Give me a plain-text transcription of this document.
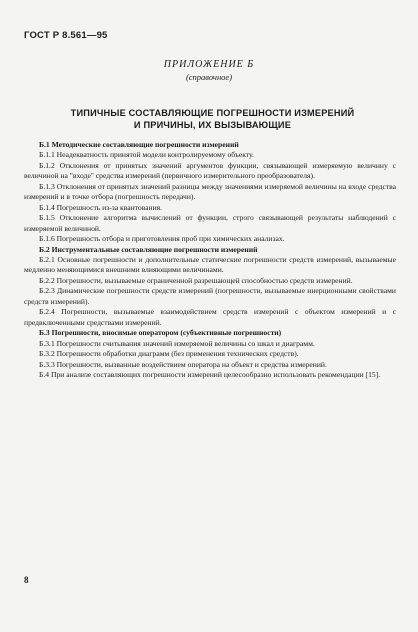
ГОСТ Р 8.561—95
ПРИЛОЖЕНИЕ Б
(справочное)
ТИПИЧНЫЕ СОСТАВЛЯЮЩИЕ ПОГРЕШНОСТИ ИЗМЕРЕНИЙ
И ПРИЧИНЫ, ИХ ВЫЗЫВАЮЩИЕ

Б.1 Методические составляющие погрешности измерений

Б.1.1 Неадекватность принятой модели контролируемому объекту.

Б.1.2 Отклонения от принятых значений аргументов функции, связывающей измеряемую величину с величиной на "входе" средства измерений (первичного измерительного преобразователя).

Б.1.3 Отклонения от принятых значений разницы между значениями измеряемой величины на входе средства измерений и в точке отбора (погрешность передачи).

Б.1.4 Погрешность из-за квантования.

Б.1.5 Отклонение алгоритма вычислений от функции, строго связывающей результаты наблюдений с измеряемой величиной.

Б.1.6 Погрешность отбора и приготовления проб при химических анализах.

Б.2 Инструментальные составляющие погрешности измерений

Б.2.1 Основные погрешности и дополнительные статические погрешности средств измерений, вызываемые медленно меняющимися внешними влияющими величинами.

Б.2.2 Погрешности, вызываемые ограниченной разрешающей способностью средств измерений.

Б.2.3 Динамические погрешности средств измерений (погрешности, вызываемые инерционными свойствами средств измерений).

Б.2.4 Погрешности, вызываемые взаимодействием средств измерений с объектом измерений и с предвключенными средствами измерений.

Б.3 Погрешности, вносимые оператором (субъективные погрешности)

Б.3.1 Погрешности считывания значений измеряемой величины со шкал и диаграмм.

Б.3.2 Погрешности обработки диаграмм (без применения технических средств).

Б.3.3 Погрешности, вызванные воздействием оператора на объект и средства измерений.

Б.4 При анализе составляющих погрешности измерений целесообразно использовать рекомендации [15].

8
